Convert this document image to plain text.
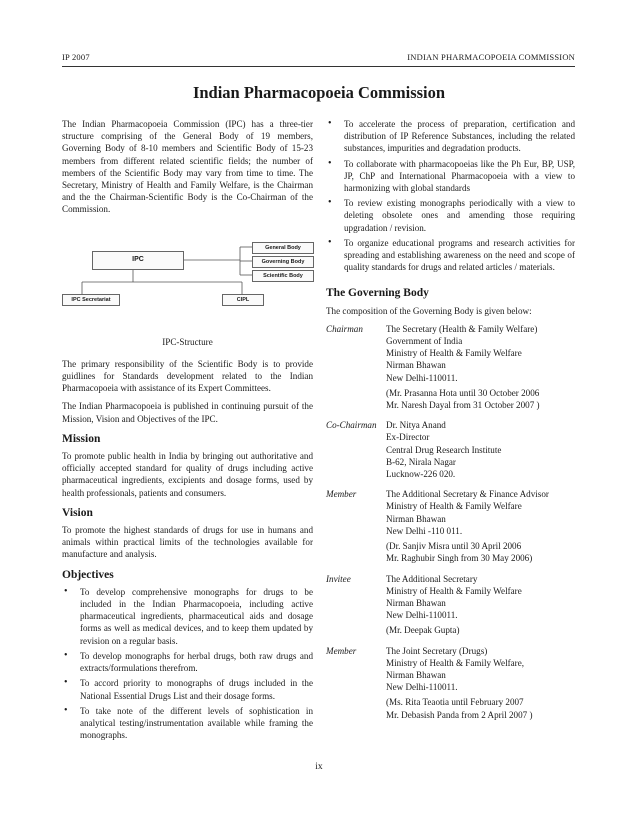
IP 2007	INDIAN PHARMACOPOEIA COMMISSION
Indian Pharmacopoeia Commission

The Indian Pharmacopoeia Commission (IPC) has a three-tier structure comprising of the General Body of 19 members, Governing Body of 8-10 members and Scientific Body of 15-23 members from different related scientific fields; the number of members of the Scientific Body may vary from time to time. The Secretary, Ministry of Health and Family Welfare, is the Chairman and the the Chairman-Scientific Body is the Co-Chairman of the Commission.

IPC
General Body
Governing Body
Scientific Body
IPC Secretariat	CIPL
IPC-Structure

The primary responsibility of the Scientific Body is to provide guidlines for Standards development related to the Indian Pharmacopoeia with assistance of its Expert Committees.

The Indian Pharmacopoeia is published in continuing pursuit of the Mission, Vision and Objectives of the IPC.

Mission

To promote public health in India by bringing out authoritative and officially accepted standard for quality of drugs including active pharmaceutical ingredients, excipients and dosage forms, used by health professionals, patients and consumers.

Vision

To promote the highest standards of drugs for use in humans and animals within practical limits of the technologies available for manufacture and analysis.

Objectives
• To develop comprehensive monographs for drugs to be included in the Indian Pharmacopoeia, including active pharmaceutical ingredients, pharmaceutical aids and dosage forms as well as medical devices, and to keep them updated by revision on a regular basis.
• To develop monographs for herbal drugs, both raw drugs and extracts/formulations therefrom.
• To accord priority to monographs of drugs included in the National Essential Drugs List and their dosage forms.
• To take note of the different levels of sophistication in analytical testing/instrumentation available while framing the monographs.
• To accelerate the process of preparation, certification and distribution of IP Reference Substances, including the related substances, impurities and degradation products.
• To collaborate with pharmacopoeias like the Ph Eur, BP, USP, JP, ChP and International Pharmacopoeia with a view to harmonizing with global standards
• To review existing monographs periodically with a view to deleting obsolete ones and amending those requiring upgradation / revision.
• To organize educational programs and research activities for spreading and establishing awareness on the need and scope of quality standards for drugs and related articles / materials.
The Governing Body

The composition of the Governing Body is given below:

Chairman	The Secretary (Health & Family Welfare)
Government of India
Ministry of Health & Family Welfare
Nirman Bhawan
New Delhi-110011.
(Mr. Prasanna Hota until 30 October 2006
Mr. Naresh Dayal from 31 October 2007 )
Co-Chairman	Dr. Nitya Anand
Ex-Director
Central Drug Research Institute
B-62, Nirala Nagar
Lucknow-226 020.
Member	The Additional Secretary & Finance Advisor
Ministry of Health & Family Welfare
Nirman Bhawan
New Delhi -110 011.
(Dr. Sanjiv Misra until 30 April 2006
Mr. Raghubir Singh from 30 May 2006)
Invitee	The Additional Secretary
Ministry of Health & Family Welfare
Nirman Bhawan
New Delhi-110011.
(Mr. Deepak Gupta)
Member	The Joint Secretary (Drugs)
Ministry of Health & Family Welfare,
Nirman Bhawan
New Delhi-110011.
(Ms. Rita Teaotia until February 2007
Mr. Debasish Panda from 2 April 2007 )
ix
